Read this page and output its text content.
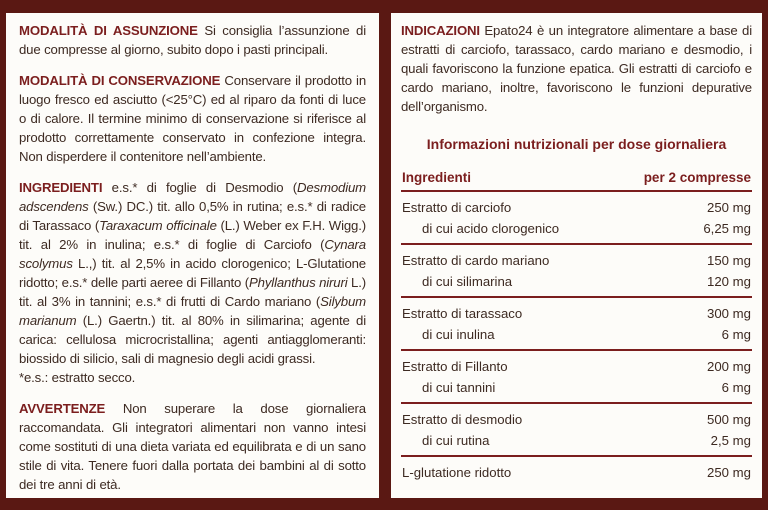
MODALITÀ DI ASSUNZIONE Si consiglia l’assunzione di due compresse al giorno, subito dopo i pasti principali.

MODALITÀ DI CONSERVAZIONE Conservare il prodotto in luogo fresco ed asciutto (<25°C) ed al riparo da fonti di luce o di calore. Il termine minimo di conservazione si riferisce al prodotto correttamente conservato in confezione integra. Non disperdere il contenitore nell’ambiente.

INGREDIENTI e.s.* di foglie di Desmodio (Desmodium adscendens (Sw.) DC.) tit. allo 0,5% in rutina; e.s.* di radice di Tarassaco (Taraxacum officinale (L.) Weber ex F.H. Wigg.) tit. al 2% in inulina; e.s.* di foglie di Carciofo (Cynara scolymus L.,) tit. al 2,5% in acido clorogenico; L-Glutatione ridotto; e.s.* delle parti aeree di Fillanto (Phyllanthus niruri L.) tit. al 3% in tannini; e.s.* di frutti di Cardo mariano (Silybum marianum (L.) Gaertn.) tit. al 80% in silimarina; agente di carica: cellulosa microcristallina; agenti antiagglomeranti: biossido di silicio, sali di magnesio degli acidi grassi.

*e.s.: estratto secco.

AVVERTENZE Non superare la dose giornaliera raccomandata. Gli integratori alimentari non vanno intesi come sostituti di una dieta variata ed equilibrata e di un sano stile di vita. Tenere fuori dalla portata dei bambini al di sotto dei tre anni di età.

INDICAZIONI Epato24 è un integratore alimentare a base di estratti di carciofo, tarassaco, cardo mariano e desmodio, i quali favoriscono la funzione epatica. Gli estratti di carciofo e cardo mariano, inoltre, favoriscono le funzioni depurative dell’organismo.

Informazioni nutrizionali per dose giornaliera
Ingredienti	per 2 compresse
Estratto di carciofo	250 mg
di cui acido clorogenico	6,25 mg
Estratto di cardo mariano	150 mg
di cui silimarina	120 mg
Estratto di tarassaco	300 mg
di cui inulina	6 mg
Estratto di Fillanto	200 mg
di cui tannini	6 mg
Estratto di desmodio	500 mg
di cui rutina	2,5 mg
L-glutatione ridotto	250 mg
